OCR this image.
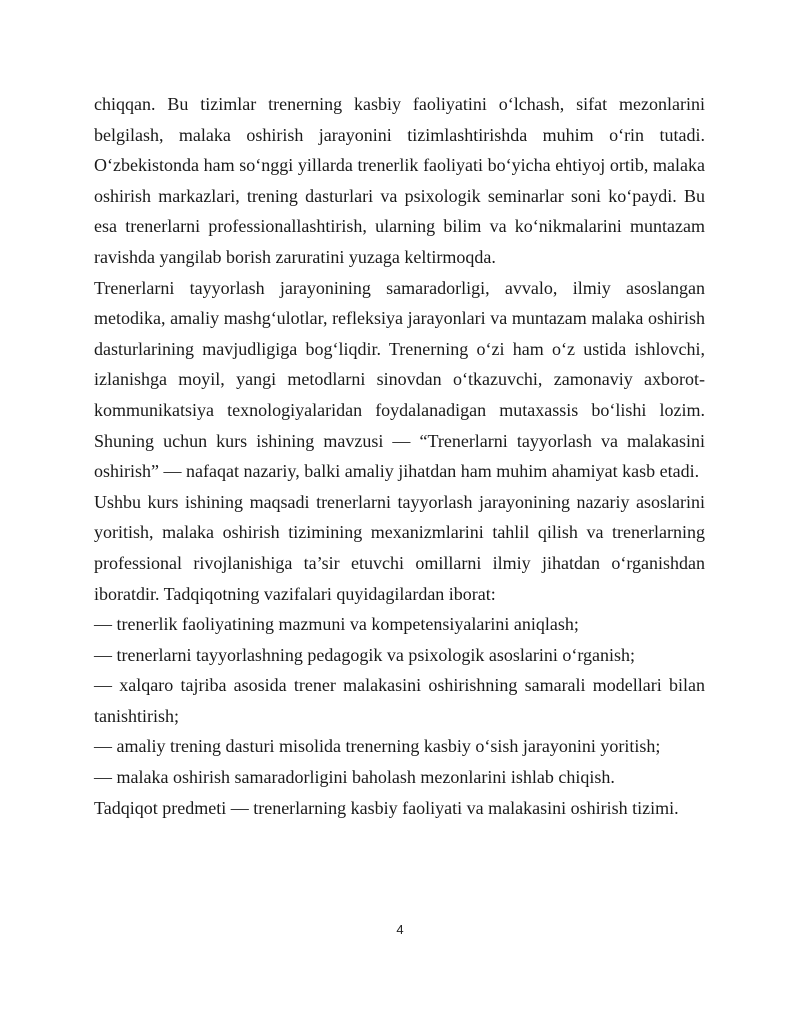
chiqqan. Bu tizimlar trenerning kasbiy faoliyatini o‘lchash, sifat mezonlarini belgilash, malaka oshirish jarayonini tizimlashtirishda muhim o‘rin tutadi. O‘zbekistonda ham so‘nggi yillarda trenerlik faoliyati bo‘yicha ehtiyoj ortib, malaka oshirish markazlari, trening dasturlari va psixologik seminarlar soni ko‘paydi. Bu esa trenerlarni professionallashtirish, ularning bilim va ko‘nikmalarini muntazam ravishda yangilab borish zaruratini yuzaga keltirmoqda.

Trenerlarni tayyorlash jarayonining samaradorligi, avvalo, ilmiy asoslangan metodika, amaliy mashg‘ulotlar, refleksiya jarayonlari va muntazam malaka oshirish dasturlarining mavjudligiga bog‘liqdir. Trenerning o‘zi ham o‘z ustida ishlovchi, izlanishga moyil, yangi metodlarni sinovdan o‘tkazuvchi, zamonaviy axborot-kommunikatsiya texnologiyalaridan foydalanadigan mutaxassis bo‘lishi lozim. Shuning uchun kurs ishining mavzusi — “Trenerlarni tayyorlash va malakasini oshirish” — nafaqat nazariy, balki amaliy jihatdan ham muhim ahamiyat kasb etadi.

Ushbu kurs ishining maqsadi trenerlarni tayyorlash jarayonining nazariy asoslarini yoritish, malaka oshirish tizimining mexanizmlarini tahlil qilish va trenerlarning professional rivojlanishiga ta’sir etuvchi omillarni ilmiy jihatdan o‘rganishdan iboratdir. Tadqiqotning vazifalari quyidagilardan iborat:

— trenerlik faoliyatining mazmuni va kompetensiyalarini aniqlash;

— trenerlarni tayyorlashning pedagogik va psixologik asoslarini o‘rganish;

— xalqaro tajriba asosida trener malakasini oshirishning samarali modellari bilan tanishtirish;

— amaliy trening dasturi misolida trenerning kasbiy o‘sish jarayonini yoritish;

— malaka oshirish samaradorligini baholash mezonlarini ishlab chiqish.

Tadqiqot predmeti — trenerlarning kasbiy faoliyati va malakasini oshirish tizimi.

4
